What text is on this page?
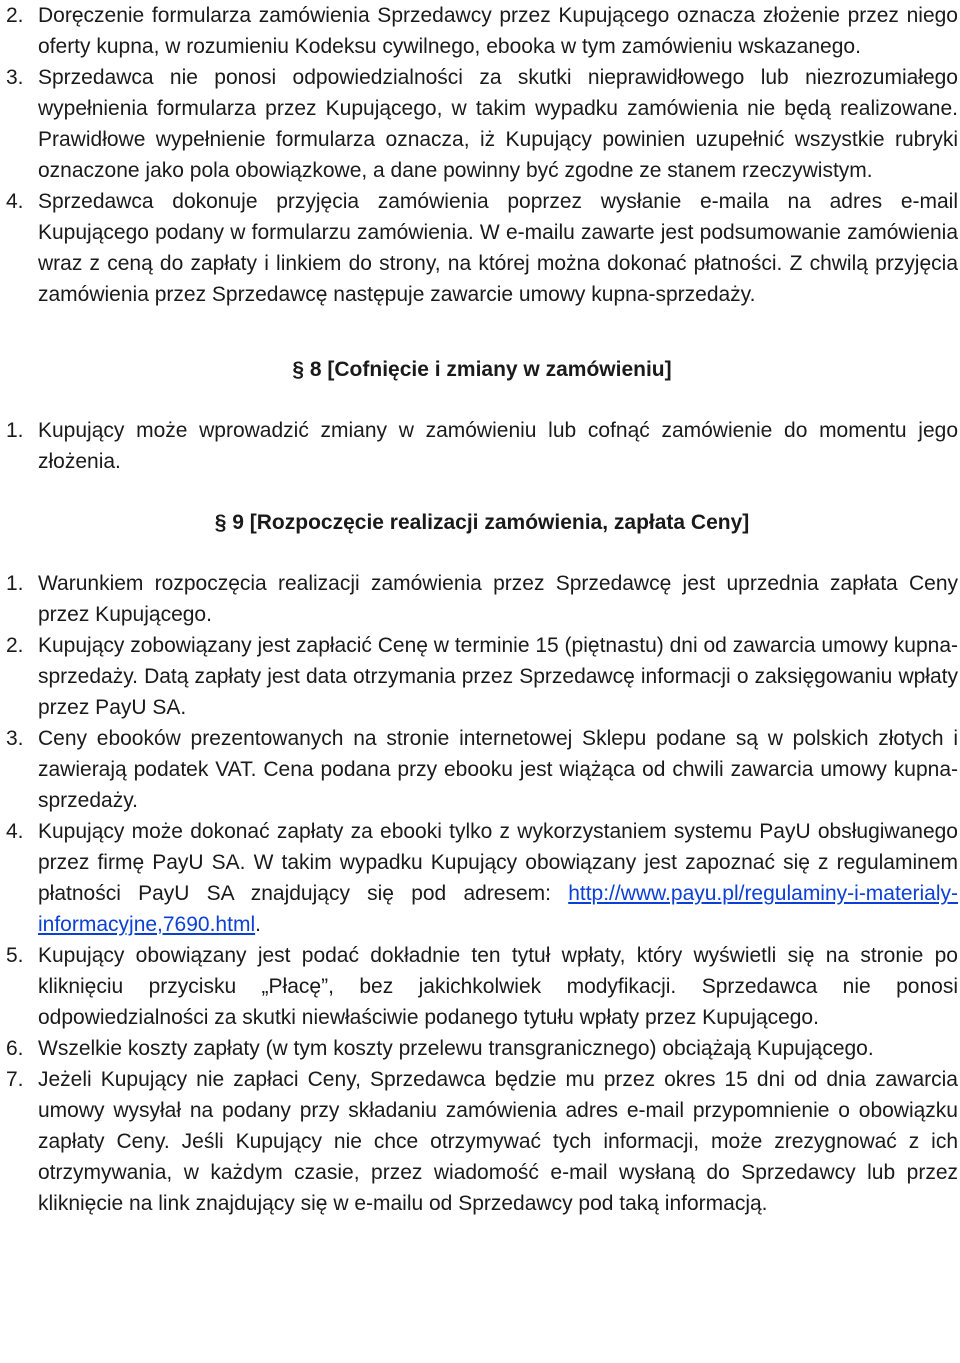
2. Doręczenie formularza zamówienia Sprzedawcy przez Kupującego oznacza złożenie przez niego oferty kupna, w rozumieniu Kodeksu cywilnego, ebooka w tym zamówieniu wskazanego.
3. Sprzedawca nie ponosi odpowiedzialności za skutki nieprawidłowego lub niezrozumiałego wypełnienia formularza przez Kupującego, w takim wypadku zamówienia nie będą realizowane. Prawidłowe wypełnienie formularza oznacza, iż Kupujący powinien uzupełnić wszystkie rubryki oznaczone jako pola obowiązkowe, a dane powinny być zgodne ze stanem rzeczywistym.
4. Sprzedawca dokonuje przyjęcia zamówienia poprzez wysłanie e-maila na adres e-mail Kupującego podany w formularzu zamówienia. W e-mailu zawarte jest podsumowanie zamówienia wraz z ceną do zapłaty i linkiem do strony, na której można dokonać płatności. Z chwilą przyjęcia zamówienia przez Sprzedawcę następuje zawarcie umowy kupna-sprzedaży.
§ 8 [Cofnięcie i zmiany w zamówieniu]
1. Kupujący może wprowadzić zmiany w zamówieniu lub cofnąć zamówienie do momentu jego złożenia.
§ 9 [Rozpoczęcie realizacji zamówienia, zapłata Ceny]
1. Warunkiem rozpoczęcia realizacji zamówienia przez Sprzedawcę jest uprzednia zapłata Ceny przez Kupującego.
2. Kupujący zobowiązany jest zapłacić Cenę w terminie 15 (piętnastu) dni od zawarcia umowy kupna-sprzedaży. Datą zapłaty jest data otrzymania przez Sprzedawcę informacji o zaksięgowaniu wpłaty przez PayU SA.
3. Ceny ebooków prezentowanych na stronie internetowej Sklepu podane są w polskich złotych i zawierają podatek VAT. Cena podana przy ebooku jest wiążąca od chwili zawarcia umowy kupna-sprzedaży.
4. Kupujący może dokonać zapłaty za ebooki tylko z wykorzystaniem systemu PayU obsługiwanego przez firmę PayU SA. W takim wypadku Kupujący obowiązany jest zapoznać się z regulaminem płatności PayU SA znajdujący się pod adresem: http://www.payu.pl/regulaminy-i-materialy-informacyjne,7690.html.
5. Kupujący obowiązany jest podać dokładnie ten tytuł wpłaty, który wyświetli się na stronie po kliknięciu przycisku „Płacę”, bez jakichkolwiek modyfikacji. Sprzedawca nie ponosi odpowiedzialności za skutki niewłaściwie podanego tytułu wpłaty przez Kupującego.
6. Wszelkie koszty zapłaty (w tym koszty przelewu transgranicznego) obciążają Kupującego.
7. Jeżeli Kupujący nie zapłaci Ceny, Sprzedawca będzie mu przez okres 15 dni od dnia zawarcia umowy wysyłał na podany przy składaniu zamówienia adres e-mail przypomnienie o obowiązku zapłaty Ceny. Jeśli Kupujący nie chce otrzymywać tych informacji, może zrezygnować z ich otrzymywania, w każdym czasie, przez wiadomość e-mail wysłaną do Sprzedawcy lub przez kliknięcie na link znajdujący się w e-mailu od Sprzedawcy pod taką informacją.
